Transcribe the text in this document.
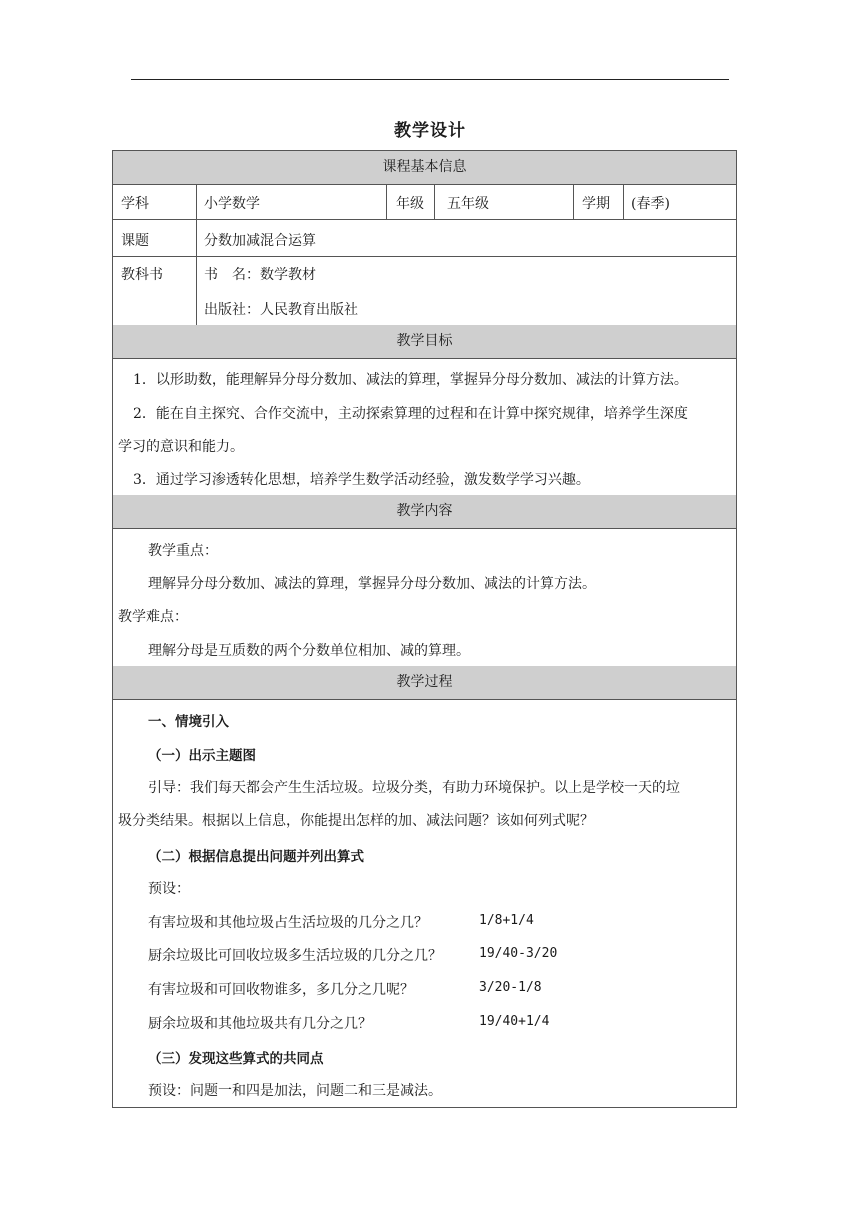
教学设计
课程基本信息
学科	小学数学	年级 五年级	学期 (春季)
课题	分数加减混合运算
教科书	书　名：数学教材
出版社：人民教育出版社
教学目标
1．以形助数，能理解异分母分数加、减法的算理，掌握异分母分数加、减法的计算方法。
2．能在自主探究、合作交流中，主动探索算理的过程和在计算中探究规律，培养学生深度
学习的意识和能力。
3．通过学习渗透转化思想，培养学生数学活动经验，激发数学学习兴趣。
教学内容
教学重点：
理解异分母分数加、减法的算理，掌握异分母分数加、减法的计算方法。
教学难点：
理解分母是互质数的两个分数单位相加、减的算理。
教学过程
一、情境引入
（一）出示主题图
引导：我们每天都会产生生活垃圾。垃圾分类，有助力环境保护。以上是学校一天的垃
圾分类结果。根据以上信息，你能提出怎样的加、减法问题？该如何列式呢？
（二）根据信息提出问题并列出算式
预设：
有害垃圾和其他垃圾占生活垃圾的几分之几？	1/8+1/4
厨余垃圾比可回收垃圾多生活垃圾的几分之几？	19/40-3/20
有害垃圾和可回收物谁多，多几分之几呢？	3/20-1/8
厨余垃圾和其他垃圾共有几分之几？	19/40+1/4
（三）发现这些算式的共同点
预设：问题一和四是加法，问题二和三是减法。
